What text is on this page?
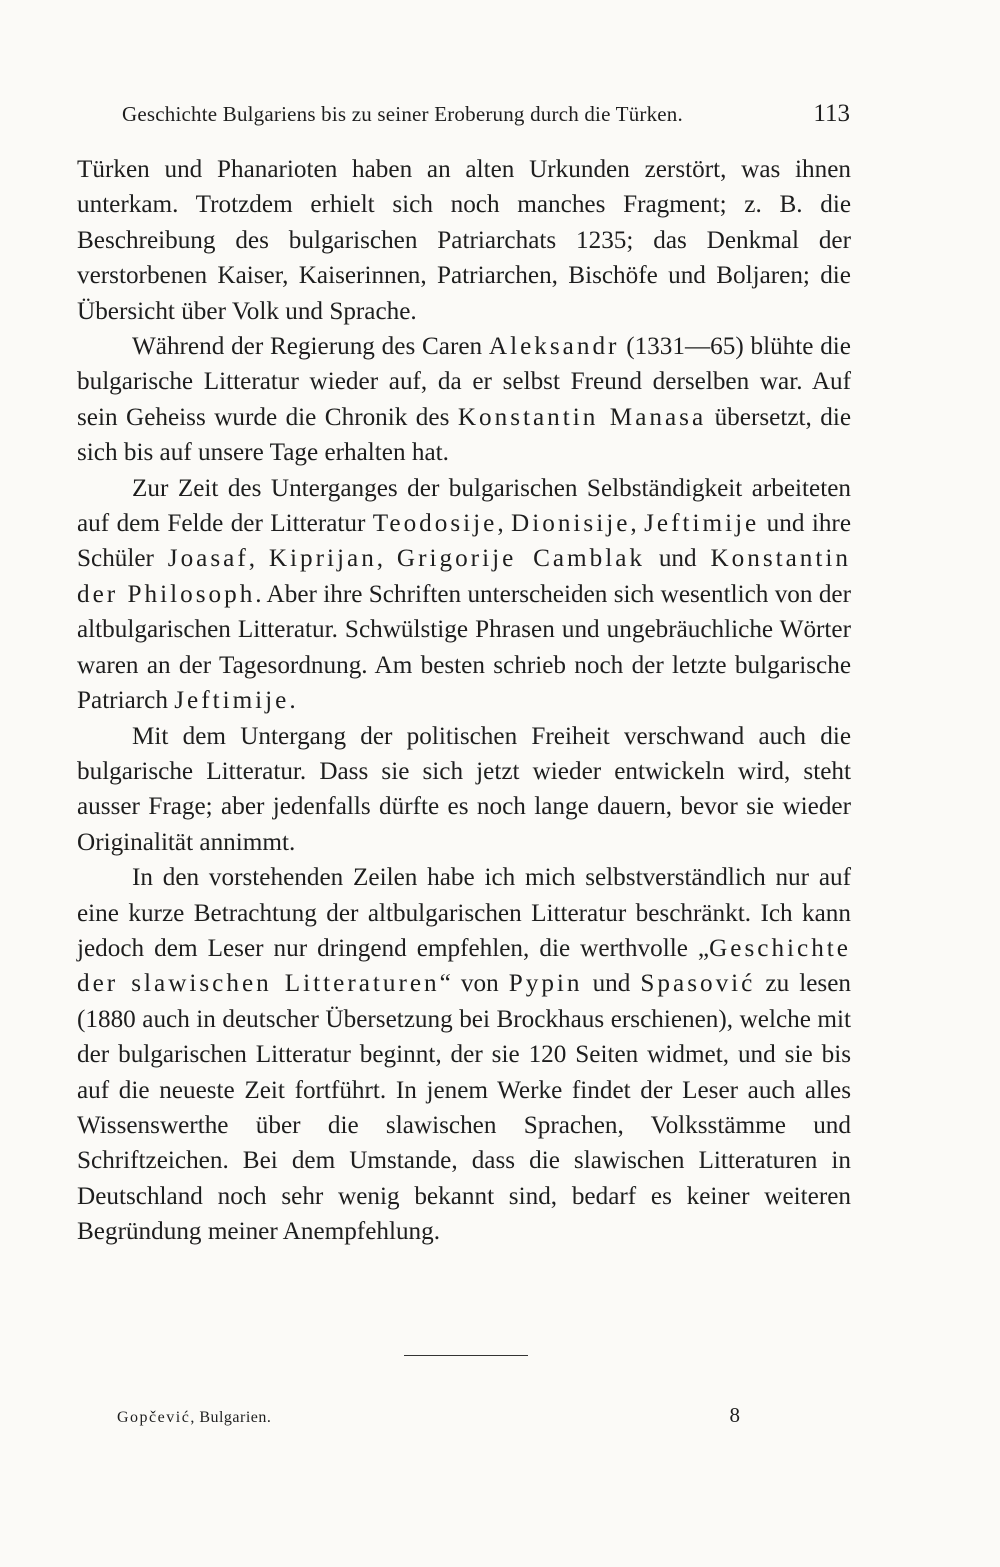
Geschichte Bulgariens bis zu seiner Eroberung durch die Türken.	113

Türken und Phanarioten haben an alten Urkunden zerstört, was ihnen unterkam. Trotzdem erhielt sich noch manches Fragment; z. B. die Beschreibung des bulgarischen Patriarchats 1235; das Denkmal der verstorbenen Kaiser, Kaiserinnen, Patriarchen, Bischöfe und Boljaren; die Übersicht über Volk und Sprache.

Während der Regierung des Caren Aleksandr (1331—65) blühte die bulgarische Litteratur wieder auf, da er selbst Freund derselben war. Auf sein Geheiss wurde die Chronik des Konstantin Manasa übersetzt, die sich bis auf unsere Tage erhalten hat.

Zur Zeit des Unterganges der bulgarischen Selbständigkeit arbeiteten auf dem Felde der Litteratur Teodosije, Dionisije, Jeftimije und ihre Schüler Joasaf, Kiprijan, Grigorije Camblak und Konstantin der Philosoph. Aber ihre Schriften unterscheiden sich wesentlich von der altbulgarischen Litteratur. Schwülstige Phrasen und ungebräuchliche Wörter waren an der Tagesordnung. Am besten schrieb noch der letzte bulgarische Patriarch Jeftimije.

Mit dem Untergang der politischen Freiheit verschwand auch die bulgarische Litteratur. Dass sie sich jetzt wieder entwickeln wird, steht ausser Frage; aber jedenfalls dürfte es noch lange dauern, bevor sie wieder Originalität annimmt.

In den vorstehenden Zeilen habe ich mich selbstverständlich nur auf eine kurze Betrachtung der altbulgarischen Litteratur beschränkt. Ich kann jedoch dem Leser nur dringend empfehlen, die werthvolle „Geschichte der slawischen Litteraturen“ von Pypin und Spasović zu lesen (1880 auch in deutscher Übersetzung bei Brockhaus erschienen), welche mit der bulgarischen Litteratur beginnt, der sie 120 Seiten widmet, und sie bis auf die neueste Zeit fortführt. In jenem Werke findet der Leser auch alles Wissenswerthe über die slawischen Sprachen, Volksstämme und Schriftzeichen. Bei dem Umstande, dass die slawischen Litteraturen in Deutschland noch sehr wenig bekannt sind, bedarf es keiner weiteren Begründung meiner Anempfehlung.

Gopčević, Bulgarien.	8
